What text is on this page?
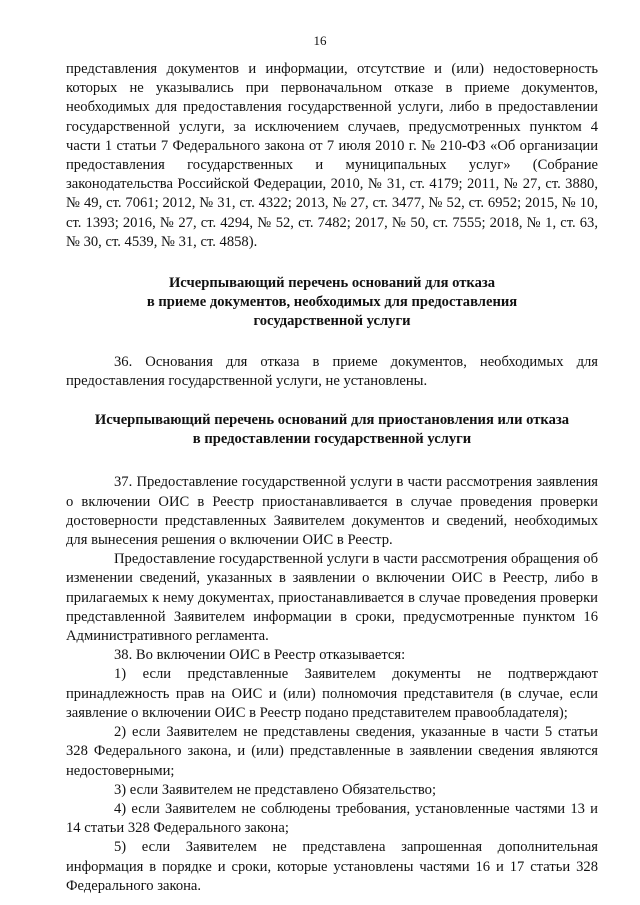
16

представления документов и информации, отсутствие и (или) недостоверность которых не указывались при первоначальном отказе в приеме документов, необходимых для предоставления государственной услуги, либо в предоставлении государственной услуги, за исключением случаев, предусмотренных пунктом 4 части 1 статьи 7 Федерального закона от 7 июля 2010 г. № 210-ФЗ «Об организации предоставления государственных и муниципальных услуг» (Собрание законодательства Российской Федерации, 2010, № 31, ст. 4179; 2011, № 27, ст. 3880, № 49, ст. 7061; 2012, № 31, ст. 4322; 2013, № 27, ст. 3477, № 52, ст. 6952; 2015, № 10, ст. 1393; 2016, № 27, ст. 4294, № 52, ст. 7482; 2017, № 50, ст. 7555; 2018, № 1, ст. 63, № 30, ст. 4539, № 31, ст. 4858).

Исчерпывающий перечень оснований для отказа
в приеме документов, необходимых для предоставления
государственной услуги

36. Основания для отказа в приеме документов, необходимых для предоставления государственной услуги, не установлены.

Исчерпывающий перечень оснований для приостановления или отказа
в предоставлении государственной услуги

37. Предоставление государственной услуги в части рассмотрения заявления о включении ОИС в Реестр приостанавливается в случае проведения проверки достоверности представленных Заявителем документов и сведений, необходимых для вынесения решения о включении ОИС в Реестр.

Предоставление государственной услуги в части рассмотрения обращения об изменении сведений, указанных в заявлении о включении ОИС в Реестр, либо в прилагаемых к нему документах, приостанавливается в случае проведения проверки представленной Заявителем информации в сроки, предусмотренные пунктом 16 Административного регламента.

38. Во включении ОИС в Реестр отказывается:

1) если представленные Заявителем документы не подтверждают принадлежность прав на ОИС и (или) полномочия представителя (в случае, если заявление о включении ОИС в Реестр подано представителем правообладателя);

2) если Заявителем не представлены сведения, указанные в части 5 статьи 328 Федерального закона, и (или) представленные в заявлении сведения являются недостоверными;

3) если Заявителем не представлено Обязательство;

4) если Заявителем не соблюдены требования, установленные частями 13 и 14 статьи 328 Федерального закона;

5) если Заявителем не представлена запрошенная дополнительная информация в порядке и сроки, которые установлены частями 16 и 17 статьи 328 Федерального закона.
